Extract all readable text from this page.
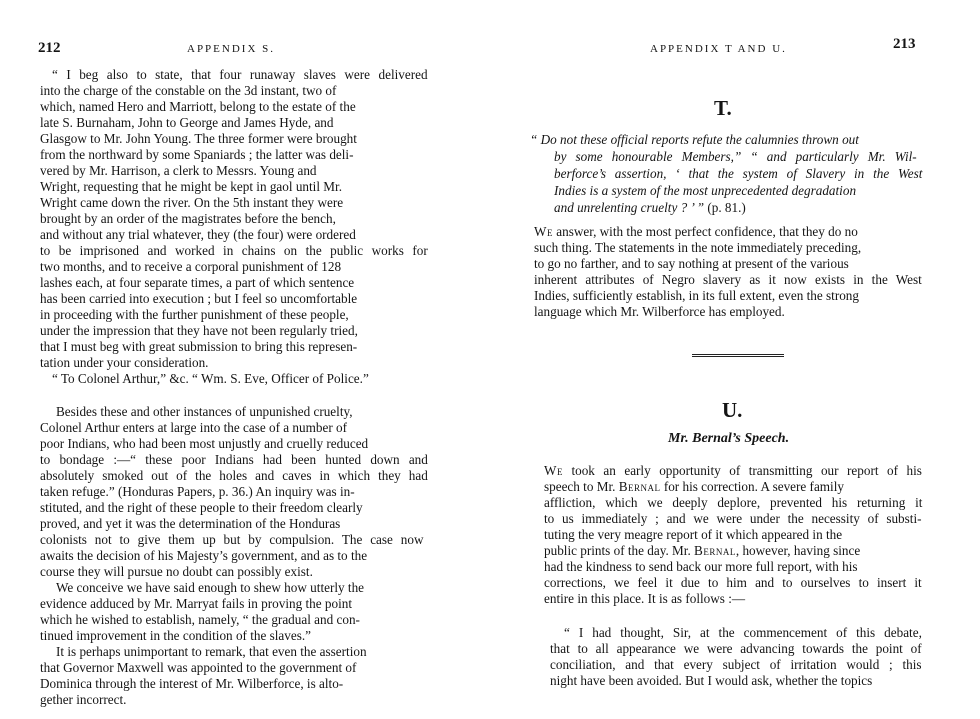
212	APPENDIX S.
“ I beg also to state, that four runaway slaves were delivered
into the charge of the constable on the 3d instant, two of
which, named Hero and Marriott, belong to the estate of the
late S. Burnaham, John to George and James Hyde, and
Glasgow to Mr. John Young. The three former were brought
from the northward by some Spaniards ; the latter was deli-
vered by Mr. Harrison, a clerk to Messrs. Young and
Wright, requesting that he might be kept in gaol until Mr.
Wright came down the river. On the 5th instant they were
brought by an order of the magistrates before the bench,
and without any trial whatever, they (the four) were ordered
to be imprisoned and worked in chains on the public works for
two months, and to receive a corporal punishment of 128
lashes each, at four separate times, a part of which sentence
has been carried into execution ; but I feel so uncomfortable
in proceeding with the further punishment of these people,
under the impression that they have not been regularly tried,
that I must beg with great submission to bring this represen-
tation under your consideration.
“ To Colonel Arthur,” &c. “ Wm. S. Eve, Officer of Police.”
Besides these and other instances of unpunished cruelty,
Colonel Arthur enters at large into the case of a number of
poor Indians, who had been most unjustly and cruelly reduced
to bondage :—“ these poor Indians had been hunted down and
absolutely smoked out of the holes and caves in which they had
taken refuge.” (Honduras Papers, p. 36.) An inquiry was in-
stituted, and the right of these people to their freedom clearly
proved, and yet it was the determination of the Honduras
colonists not to give them up but by compulsion. The case now
awaits the decision of his Majesty’s government, and as to the
course they will pursue no doubt can possibly exist.
We conceive we have said enough to shew how utterly the
evidence adduced by Mr. Marryat fails in proving the point
which he wished to establish, namely, “ the gradual and con-
tinued improvement in the condition of the slaves.”
It is perhaps unimportant to remark, that even the assertion
that Governor Maxwell was appointed to the government of
Dominica through the interest of Mr. Wilberforce, is alto-
gether incorrect.
APPENDIX T AND U.	213
T.
“ Do not these official reports refute the calumnies thrown out
by some honourable Members,” “ and particularly Mr. Wil-
berforce’s assertion, ‘ that the system of Slavery in the West
Indies is a system of the most unprecedented degradation
and unrelenting cruelty ? ’ ” (p. 81.)
We answer, with the most perfect confidence, that they do no
such thing. The statements in the note immediately preceding,
to go no farther, and to say nothing at present of the various
inherent attributes of Negro slavery as it now exists in the West
Indies, sufficiently establish, in its full extent, even the strong
language which Mr. Wilberforce has employed.
U.
Mr. Bernal’s Speech.
We took an early opportunity of transmitting our report of his
speech to Mr. Bernal for his correction. A severe family
affliction, which we deeply deplore, prevented his returning it
to us immediately ; and we were under the necessity of substi-
tuting the very meagre report of it which appeared in the
public prints of the day. Mr. Bernal, however, having since
had the kindness to send back our more full report, with his
corrections, we feel it due to him and to ourselves to insert it
entire in this place. It is as follows :—
“ I had thought, Sir, at the commencement of this debate,
that to all appearance we were advancing towards the point of
conciliation, and that every subject of irritation would ; this
night have been avoided. But I would ask, whether the topics
